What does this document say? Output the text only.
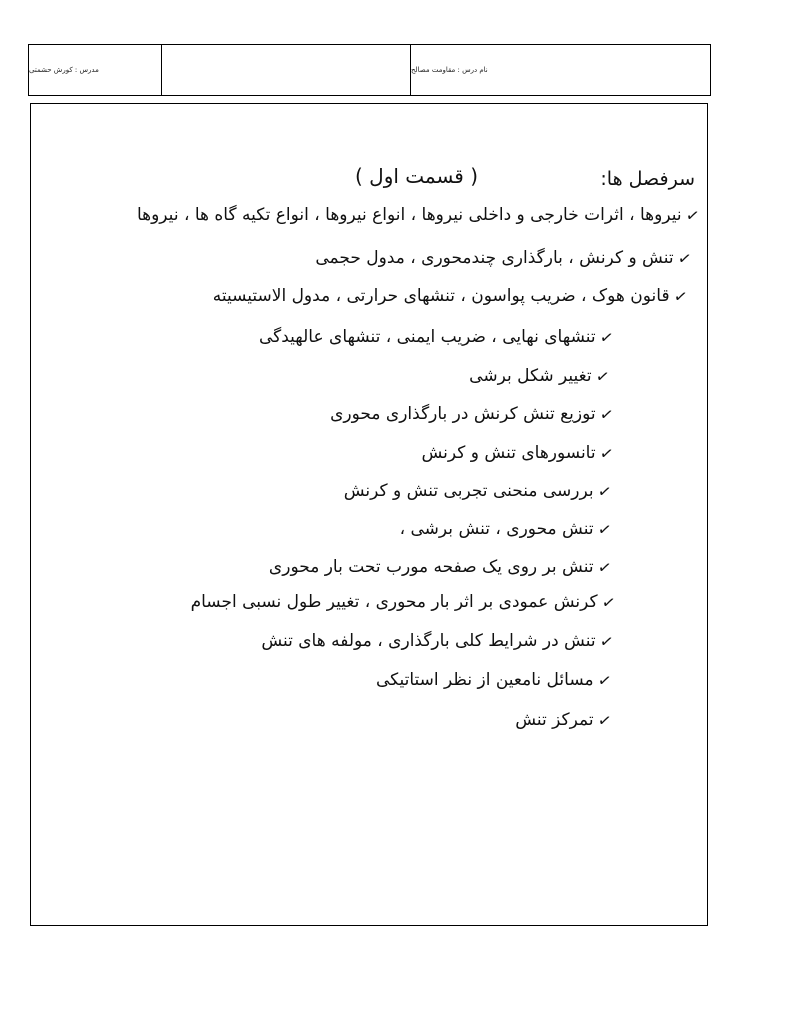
مدرس : کورش حشمتی	نام درس : مقاومت مصالح
سرفصل ها:
( قسمت اول )
✓
نیروها ، اثرات خارجی و داخلی نیروها ، انواع نیروها ، انواع تکیه گاه ها ، نیروها
✓
تنش و کرنش ، بارگذاری چندمحوری ، مدول حجمی
✓
قانون هوک ، ضریب پواسون ، تنشهای حرارتی ، مدول الاستیسیته
✓
تنشهای نهایی ، ضریب ایمنی ، تنشهای عالهیدگی
✓
تغییر شکل برشی
✓
توزیع تنش کرنش در بارگذاری محوری
✓
تانسورهای تنش و کرنش
✓
بررسی منحنی تجربی تنش و کرنش
✓
تنش محوری ، تنش برشی ،
✓
تنش بر روی یک صفحه مورب تحت بار محوری
✓
کرنش عمودی بر اثر بار محوری ، تغییر طول نسبی اجسام
✓
تنش در شرایط کلی بارگذاری ، مولفه های تنش
✓
مسائل نامعین از نظر استاتیکی
✓
تمرکز تنش
